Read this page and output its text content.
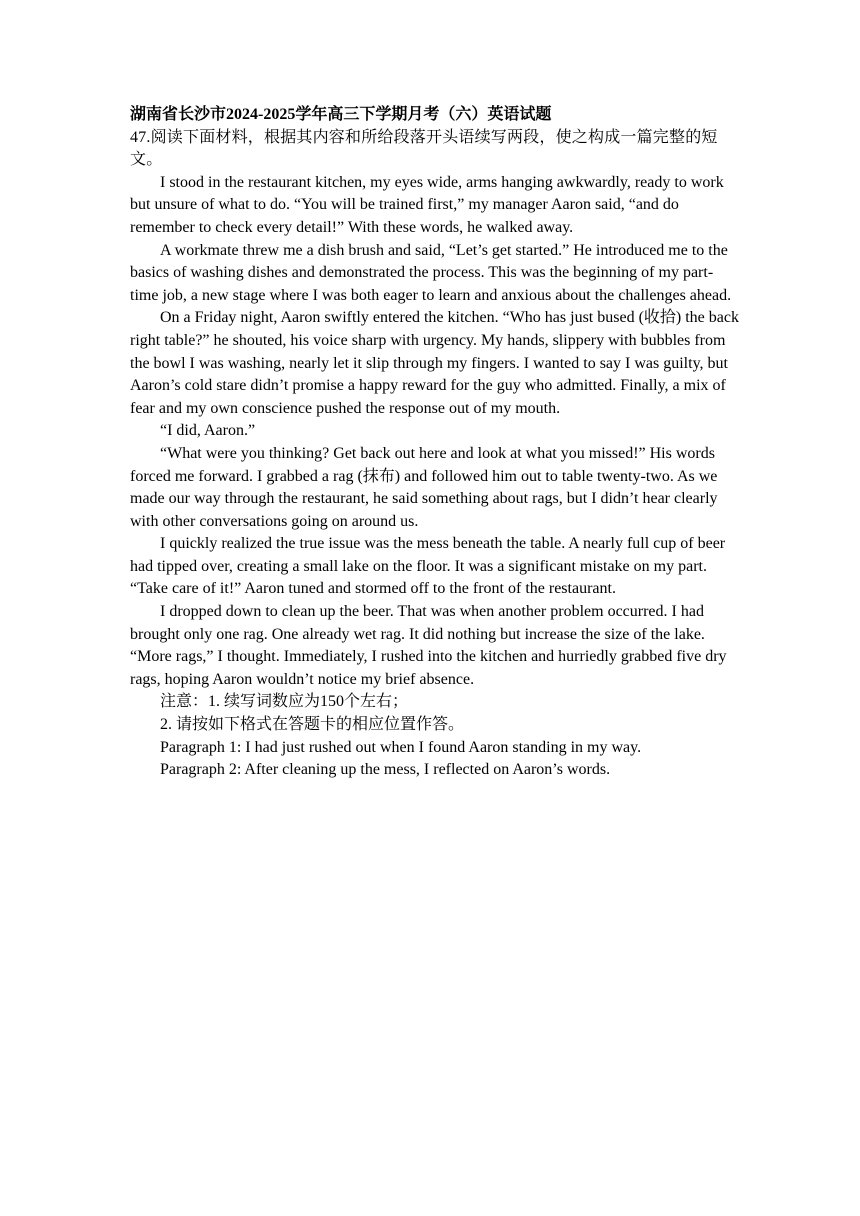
湖南省长沙市2024-2025学年高三下学期月考（六）英语试题

47.阅读下面材料，根据其内容和所给段落开头语续写两段，使之构成一篇完整的短文。

I stood in the restaurant kitchen, my eyes wide, arms hanging awkwardly, ready to work but unsure of what to do. “You will be trained first,” my manager Aaron said, “and do remember to check every detail!” With these words, he walked away.

A workmate threw me a dish brush and said, “Let’s get started.” He introduced me to the basics of washing dishes and demonstrated the process. This was the beginning of my part-time job, a new stage where I was both eager to learn and anxious about the challenges ahead.

On a Friday night, Aaron swiftly entered the kitchen. “Who has just bused (收拾) the back right table?” he shouted, his voice sharp with urgency. My hands, slippery with bubbles from the bowl I was washing, nearly let it slip through my fingers. I wanted to say I was guilty, but Aaron’s cold stare didn’t promise a happy reward for the guy who admitted. Finally, a mix of fear and my own conscience pushed the response out of my mouth.

“I did, Aaron.”

“What were you thinking? Get back out here and look at what you missed!” His words forced me forward. I grabbed a rag (抹布) and followed him out to table twenty-two. As we made our way through the restaurant, he said something about rags, but I didn’t hear clearly with other conversations going on around us.

I quickly realized the true issue was the mess beneath the table. A nearly full cup of beer had tipped over, creating a small lake on the floor. It was a significant mistake on my part. “Take care of it!” Aaron tuned and stormed off to the front of the restaurant.

I dropped down to clean up the beer. That was when another problem occurred. I had brought only one rag. One already wet rag. It did nothing but increase the size of the lake. “More rags,” I thought. Immediately, I rushed into the kitchen and hurriedly grabbed five dry rags, hoping Aaron wouldn’t notice my brief absence.

注意：1. 续写词数应为150个左右；

2. 请按如下格式在答题卡的相应位置作答。

Paragraph 1: I had just rushed out when I found Aaron standing in my way.

Paragraph 2: After cleaning up the mess, I reflected on Aaron’s words.
